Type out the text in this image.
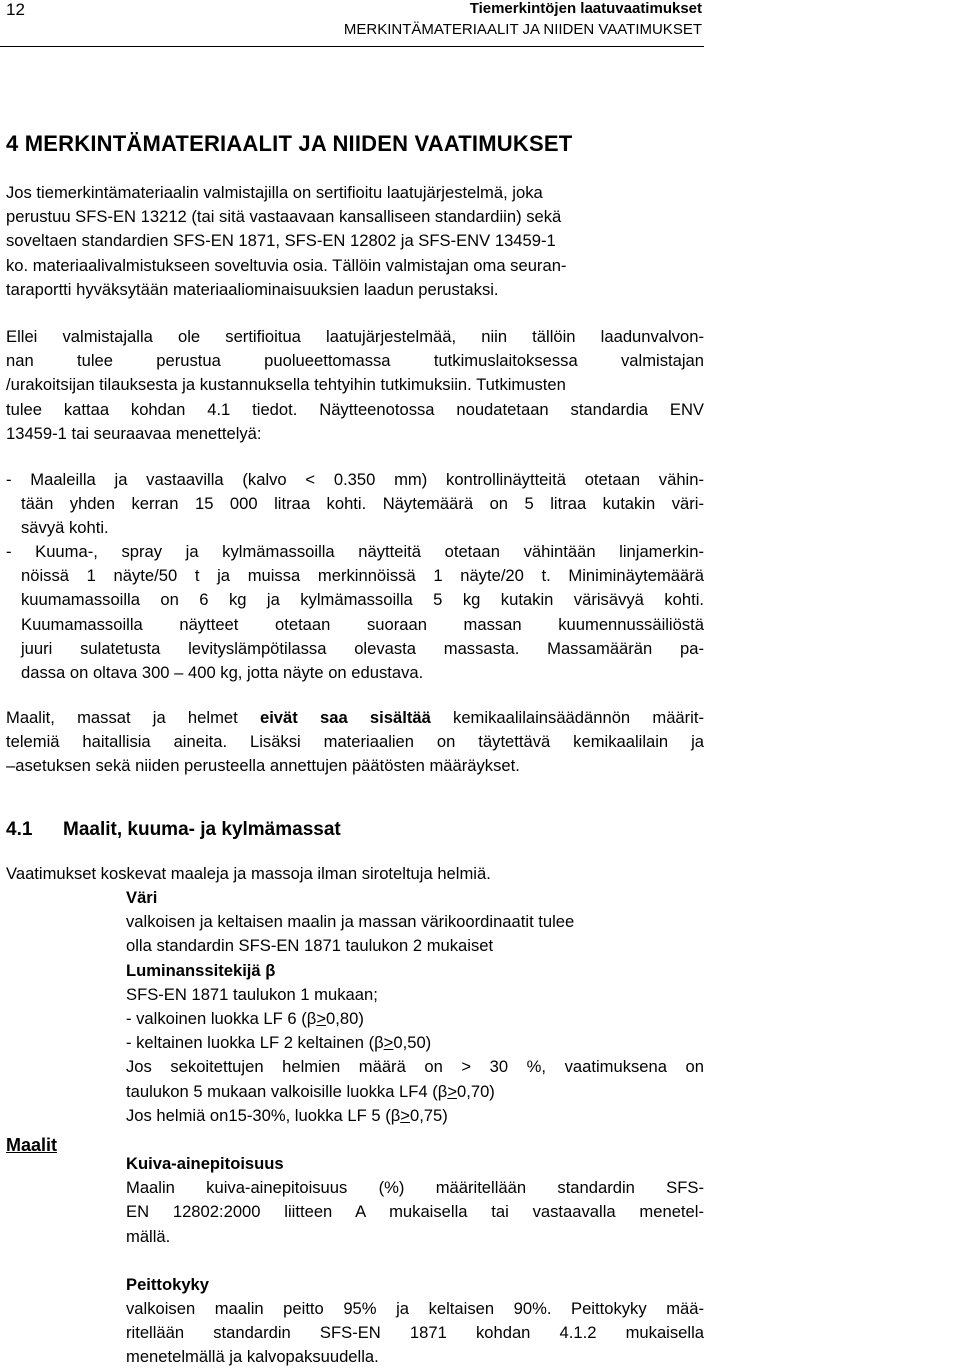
12	Tiemerkintöjen laatuvaatimukset
MERKINTÄMATERIAALIT JA NIIDEN VAATIMUKSET
4 MERKINTÄMATERIAALIT JA NIIDEN VAATIMUKSET
Jos tiemerkintämateriaalin valmistajilla on sertifioitu laatujärjestelmä, joka
perustuu SFS-EN 13212 (tai sitä vastaavaan kansalliseen standardiin) sekä
soveltaen standardien SFS-EN 1871, SFS-EN 12802 ja SFS-ENV 13459-1
ko. materiaalivalmistukseen soveltuvia osia. Tällöin valmistajan oma seuran-
taraportti hyväksytään materiaaliominaisuuksien laadun perustaksi.
Ellei valmistajalla ole sertifioitua laatujärjestelmää, niin tällöin laadunvalvon-
nan tulee perustua puolueettomassa tutkimuslaitoksessa valmistajan
/urakoitsijan tilauksesta ja kustannuksella tehtyihin tutkimuksiin. Tutkimusten
tulee kattaa kohdan 4.1 tiedot. Näytteenotossa noudatetaan standardia ENV
13459-1 tai seuraavaa menettelyä:
- Maaleilla ja vastaavilla (kalvo < 0.350 mm) kontrollinäytteitä otetaan vähin-
tään yhden kerran 15 000 litraa kohti. Näytemäärä on 5 litraa kutakin väri-
sävyä kohti.
- Kuuma-, spray ja kylmämassoilla näytteitä otetaan vähintään linjamerkin-
nöissä 1 näyte/50 t ja muissa merkinnöissä 1 näyte/20 t. Miniminäytemäärä
kuumamassoilla on 6 kg ja kylmämassoilla 5 kg kutakin värisävyä kohti.
Kuumamassoilla näytteet otetaan suoraan massan kuumennussäiliöstä
juuri sulatetusta levityslämpötilassa olevasta massasta. Massamäärän pa-
dassa on oltava 300 – 400 kg, jotta näyte on edustava.
Maalit, massat ja helmet eivät saa sisältää kemikaalilainsäädännön määrit-
telemiä haitallisia aineita. Lisäksi materiaalien on täytettävä kemikaalilain ja
–asetuksen sekä niiden perusteella annettujen päätösten määräykset.
4.1 Maalit, kuuma- ja kylmämassat
Vaatimukset koskevat maaleja ja massoja ilman siroteltuja helmiä.
Maalit
Väri
valkoisen ja keltaisen maalin ja massan värikoordinaatit tulee
olla standardin SFS-EN 1871 taulukon 2 mukaiset
Luminanssitekijä β
SFS-EN 1871 taulukon 1 mukaan;
- valkoinen luokka LF 6 (β>0,80)
- keltainen luokka LF 2 keltainen (β>0,50)
Jos sekoitettujen helmien määrä on > 30 %, vaatimuksena on
taulukon 5 mukaan valkoisille luokka LF4 (β>0,70)
Jos helmiä on15-30%, luokka LF 5 (β>0,75)
Kuiva-ainepitoisuus
Maalin kuiva-ainepitoisuus (%) määritellään standardin SFS-
EN 12802:2000 liitteen A mukaisella tai vastaavalla menetel-
mällä.
Peittokyky
valkoisen maalin peitto 95% ja keltaisen 90%. Peittokyky mää-
ritellään standardin SFS-EN 1871 kohdan 4.1.2 mukaisella
menetelmällä ja kalvopaksuudella.
